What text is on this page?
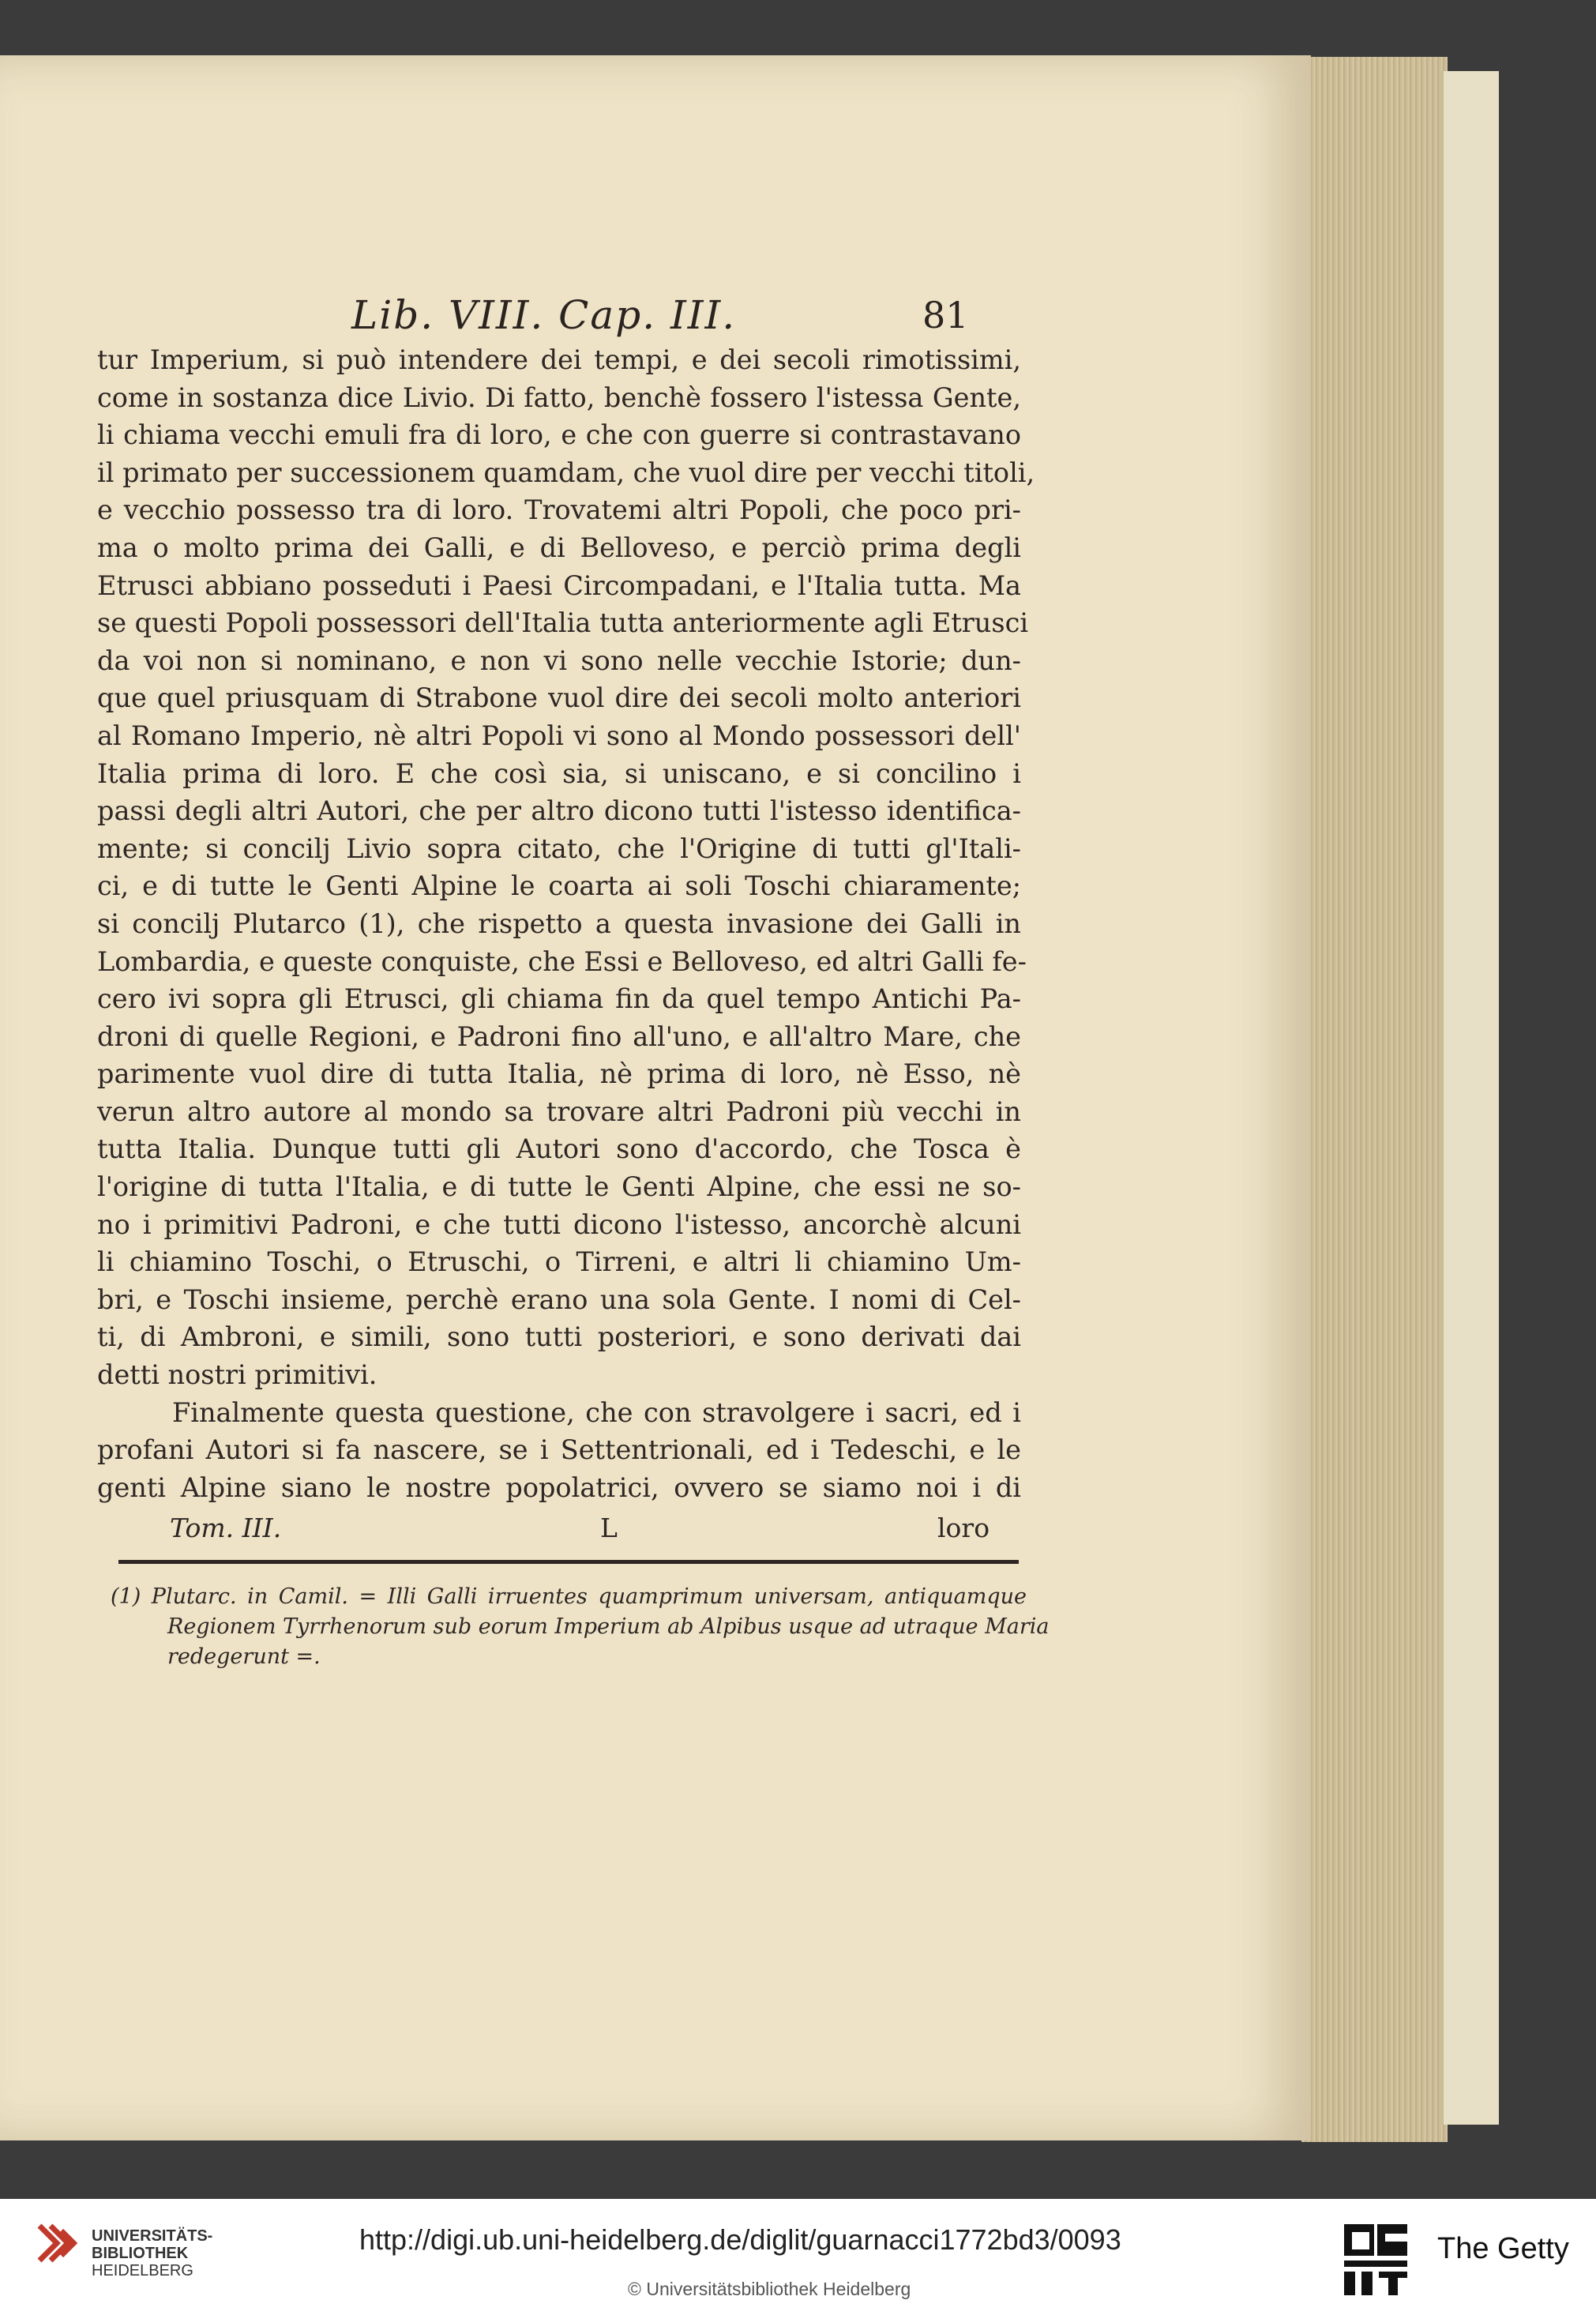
Lib. VIII. Cap. III.	81
tur Imperium, si può intendere dei tempi, e dei secoli rimotissimi,
come in sostanza dice Livio. Di fatto, benchè fossero l'istessa Gente,
li chiama vecchi emuli fra di loro, e che con guerre si contrastavano
il primato per successionem quamdam, che vuol dire per vecchi titoli,
e vecchio possesso tra di loro. Trovatemi altri Popoli, che poco pri-
ma o molto prima dei Galli, e di Belloveso, e perciò prima degli
Etrusci abbiano posseduti i Paesi Circompadani, e l'Italia tutta. Ma
se questi Popoli possessori dell'Italia tutta anteriormente agli Etrusci
da voi non si nominano, e non vi sono nelle vecchie Istorie; dun-
que quel priusquam di Strabone vuol dire dei secoli molto anteriori
al Romano Imperio, nè altri Popoli vi sono al Mondo possessori dell'
Italia prima di loro. E che così sia, si uniscano, e si concilino i
passi degli altri Autori, che per altro dicono tutti l'istesso identifica-
mente; si concilj Livio sopra citato, che l'Origine di tutti gl'Itali-
ci, e di tutte le Genti Alpine le coarta ai soli Toschi chiaramente;
si concilj Plutarco (1), che rispetto a questa invasione dei Galli in
Lombardia, e queste conquiste, che Essi e Belloveso, ed altri Galli fe-
cero ivi sopra gli Etrusci, gli chiama fin da quel tempo Antichi Pa-
droni di quelle Regioni, e Padroni fino all'uno, e all'altro Mare, che
parimente vuol dire di tutta Italia, nè prima di loro, nè Esso, nè
verun altro autore al mondo sa trovare altri Padroni più vecchi in
tutta Italia. Dunque tutti gli Autori sono d'accordo, che Tosca è
l'origine di tutta l'Italia, e di tutte le Genti Alpine, che essi ne so-
no i primitivi Padroni, e che tutti dicono l'istesso, ancorchè alcuni
li chiamino Toschi, o Etruschi, o Tirreni, e altri li chiamino Um-
bri, e Toschi insieme, perchè erano una sola Gente. I nomi di Cel-
ti, di Ambroni, e simili, sono tutti posteriori, e sono derivati dai
detti nostri primitivi.
Finalmente questa questione, che con stravolgere i sacri, ed i
profani Autori si fa nascere, se i Settentrionali, ed i Tedeschi, e le
genti Alpine siano le nostre popolatrici, ovvero se siamo noi i di
Tom. III.	L	loro
(1) Plutarc. in Camil. = Illi Galli irruentes quamprimum universam, antiquamque
Regionem Tyrrhenorum sub eorum Imperium ab Alpibus usque ad utraque Maria
redegerunt =.
UNIVERSITÄTS-
BIBLIOTHEK
HEIDELBERG
http://digi.ub.uni-heidelberg.de/diglit/guarnacci1772bd3/0093
© Universitätsbibliothek Heidelberg
The Getty
